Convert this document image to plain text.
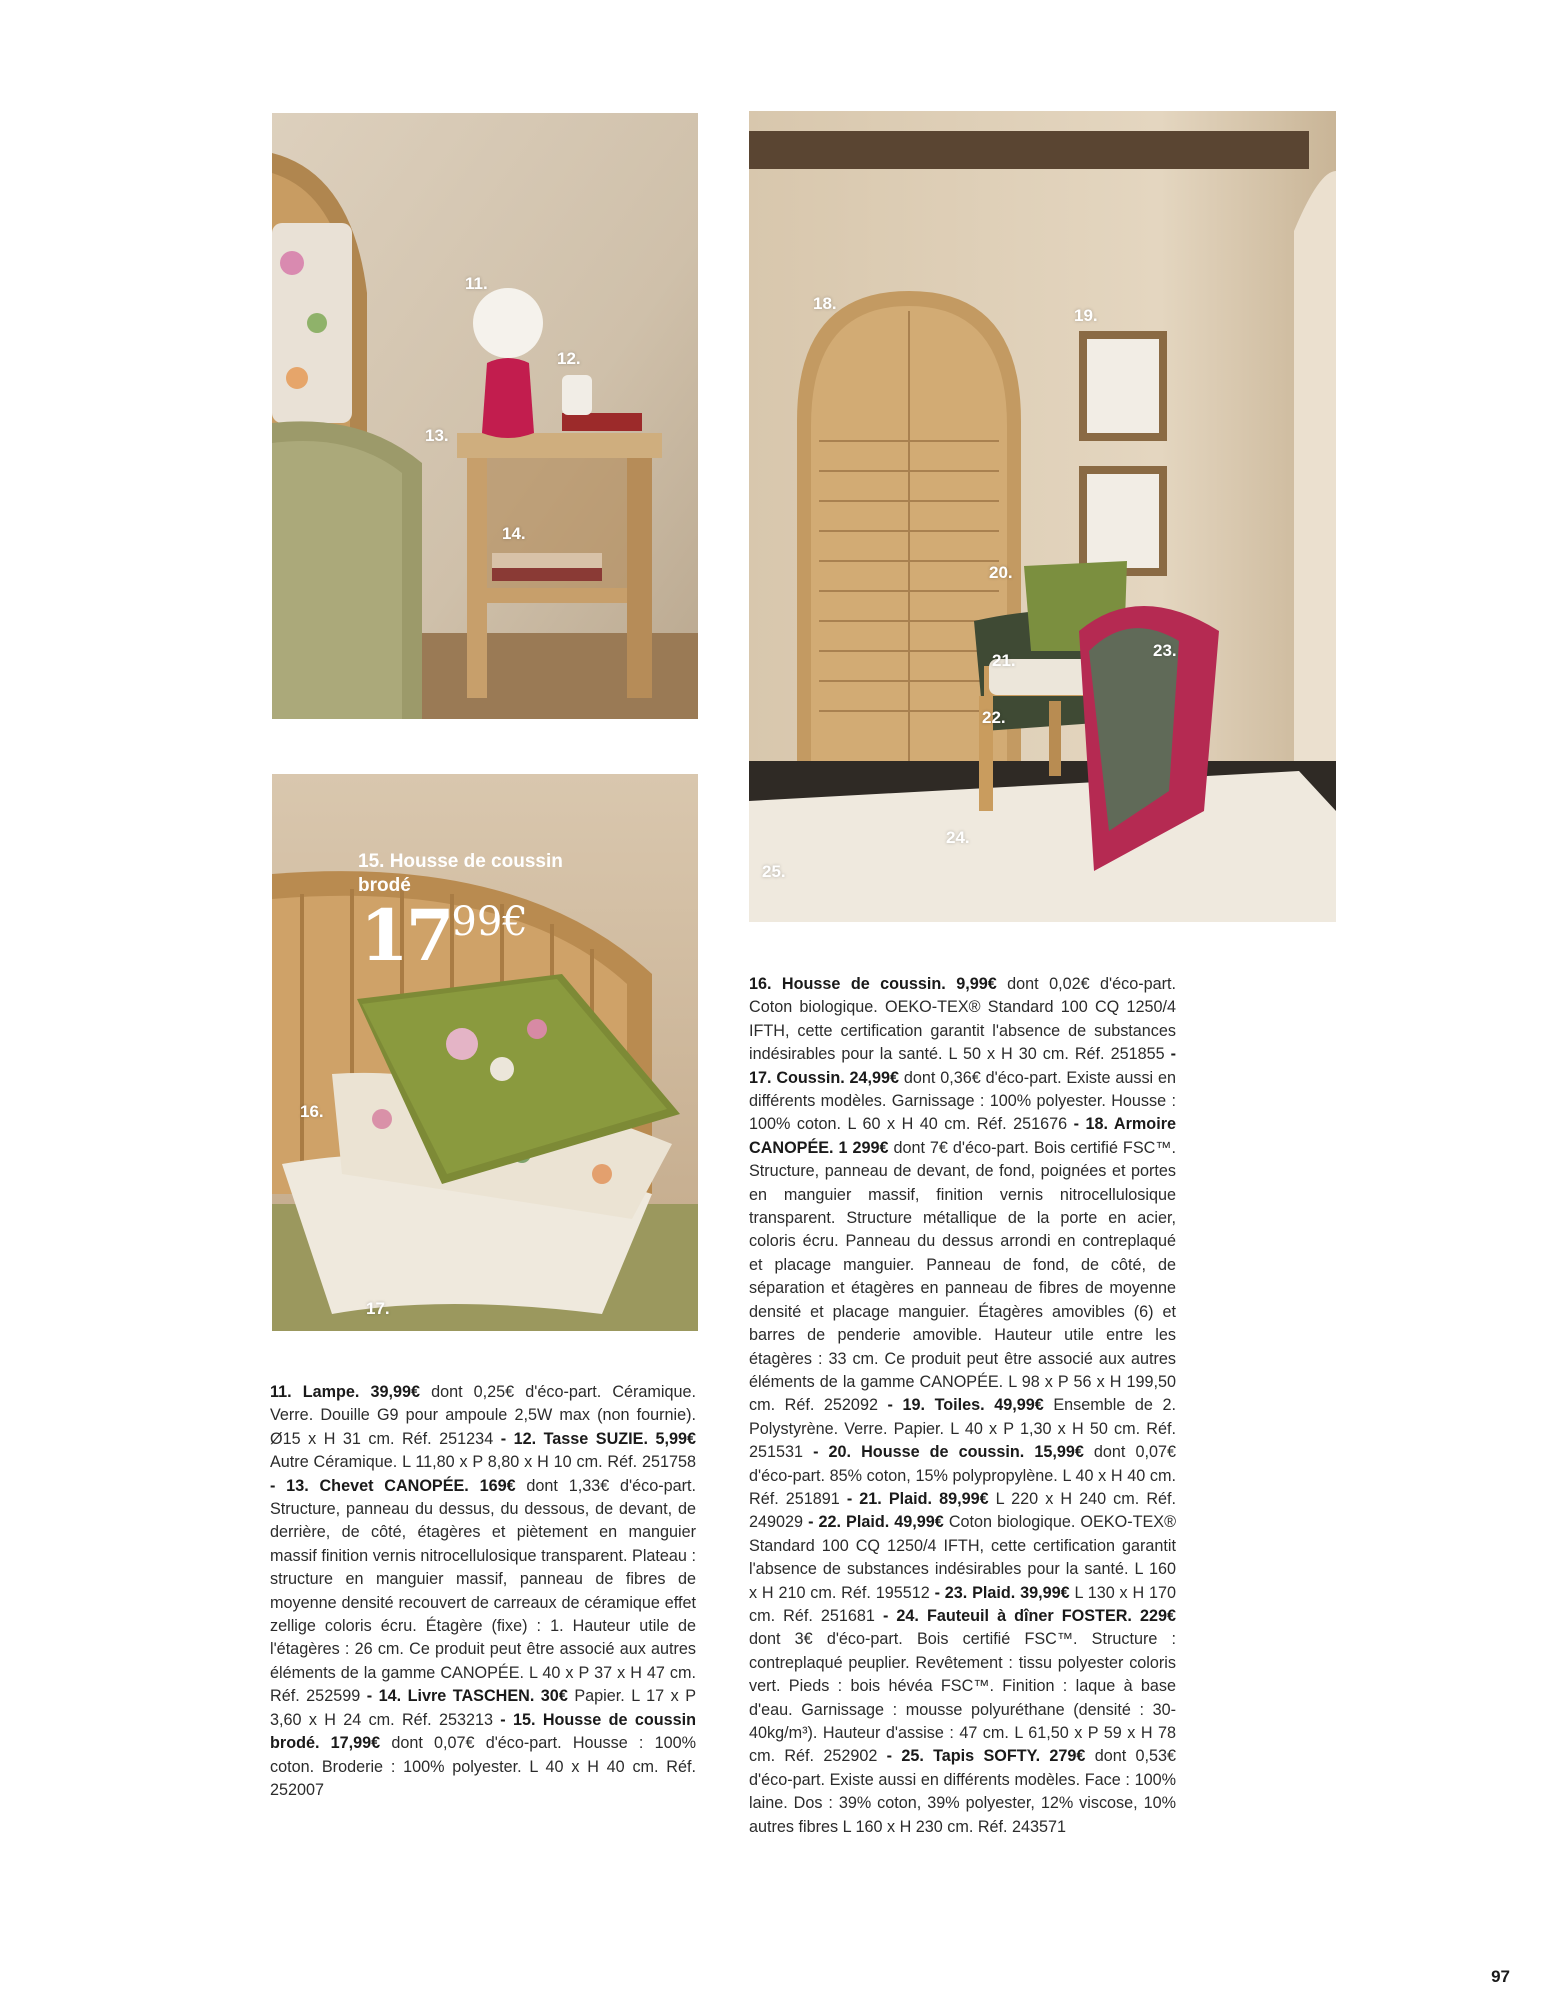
11.
12.
13.
14.
18.
19.
20.
21.
23.
22.
24.
25.
15. Housse de coussin brodé
1799€
16.
17.
11. Lampe. 39,99€ dont 0,25€ d'éco-part. Céramique. Verre. Douille G9 pour ampoule 2,5W max (non fournie). Ø15 x H 31 cm. Réf. 251234 - 12. Tasse SUZIE. 5,99€ Autre Céramique. L 11,80 x P 8,80 x H 10 cm. Réf. 251758 - 13. Chevet CANOPÉE. 169€ dont 1,33€ d'éco-part. Structure, panneau du dessus, du dessous, de devant, de derrière, de côté, étagères et piètement en manguier massif finition vernis nitrocellulosique transparent. Plateau : structure en manguier massif, panneau de fibres de moyenne densité recouvert de carreaux de céramique effet zellige coloris écru. Étagère (fixe) : 1. Hauteur utile de l'étagères : 26 cm. Ce produit peut être associé aux autres éléments de la gamme CANOPÉE. L 40 x P 37 x H 47 cm. Réf. 252599 - 14. Livre TASCHEN. 30€ Papier. L 17 x P 3,60 x H 24 cm. Réf. 253213 - 15. Housse de coussin brodé. 17,99€ dont 0,07€ d'éco-part. Housse : 100% coton. Broderie : 100% polyester. L 40 x H 40 cm. Réf. 252007
16. Housse de coussin. 9,99€ dont 0,02€ d'éco-part. Coton biologique. OEKO-TEX® Standard 100 CQ 1250/4 IFTH, cette certification garantit l'absence de substances indésirables pour la santé. L 50 x H 30 cm. Réf. 251855 - 17. Coussin. 24,99€ dont 0,36€ d'éco-part. Existe aussi en différents modèles. Garnissage : 100% polyester. Housse : 100% coton. L 60 x H 40 cm. Réf. 251676 - 18. Armoire CANOPÉE. 1 299€ dont 7€ d'éco-part. Bois certifié FSC™. Structure, panneau de devant, de fond, poignées et portes en manguier massif, finition vernis nitrocellulosique transparent. Structure métallique de la porte en acier, coloris écru. Panneau du dessus arrondi en contreplaqué et placage manguier. Panneau de fond, de côté, de séparation et étagères en panneau de fibres de moyenne densité et placage manguier. Étagères amovibles (6) et barres de penderie amovible. Hauteur utile entre les étagères : 33 cm. Ce produit peut être associé aux autres éléments de la gamme CANOPÉE. L 98 x P 56 x H 199,50 cm. Réf. 252092 - 19. Toiles. 49,99€ Ensemble de 2. Polystyrène. Verre. Papier. L 40 x P 1,30 x H 50 cm. Réf. 251531 - 20. Housse de coussin. 15,99€ dont 0,07€ d'éco-part. 85% coton, 15% polypropylène. L 40 x H 40 cm. Réf. 251891 - 21. Plaid. 89,99€ L 220 x H 240 cm. Réf. 249029 - 22. Plaid. 49,99€ Coton biologique. OEKO-TEX® Standard 100 CQ 1250/4 IFTH, cette certification garantit l'absence de substances indésirables pour la santé. L 160 x H 210 cm. Réf. 195512 - 23. Plaid. 39,99€ L 130 x H 170 cm. Réf. 251681 - 24. Fauteuil à dîner FOSTER. 229€ dont 3€ d'éco-part. Bois certifié FSC™. Structure : contreplaqué peuplier. Revêtement : tissu polyester coloris vert. Pieds : bois hévéa FSC™. Finition : laque à base d'eau. Garnissage : mousse polyuréthane (densité : 30-40kg/m³). Hauteur d'assise : 47 cm. L 61,50 x P 59 x H 78 cm. Réf. 252902 - 25. Tapis SOFTY. 279€ dont 0,53€ d'éco-part. Existe aussi en différents modèles. Face : 100% laine. Dos : 39% coton, 39% polyester, 12% viscose, 10% autres fibres L 160 x H 230 cm. Réf. 243571
97
